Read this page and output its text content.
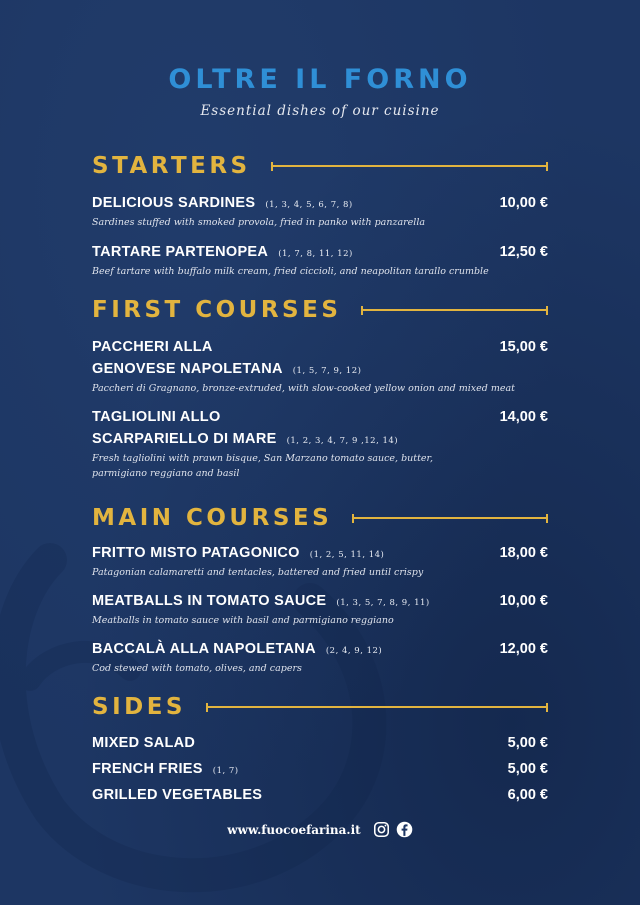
OLTRE IL FORNO
Essential dishes of our cuisine
STARTERS
DELICIOUS SARDINES (1, 3, 4, 5, 6, 7, 8)	10,00 €
Sardines stuffed with smoked provola, fried in panko with panzarella
TARTARE PARTENOPEA (1, 7, 8, 11, 12)	12,50 €
Beef tartare with buffalo milk cream, fried ciccioli, and neapolitan tarallo crumble
FIRST COURSES
PACCHERI ALLA	15,00 €
GENOVESE NAPOLETANA (1, 5, 7, 9, 12)
Paccheri di Gragnano, bronze-extruded, with slow-cooked yellow onion and mixed meat
TAGLIOLINI ALLO	14,00 €
SCARPARIELLO DI MARE (1, 2, 3, 4, 7, 9 ,12, 14)
Fresh tagliolini with prawn bisque, San Marzano tomato sauce, butter,
parmigiano reggiano and basil
MAIN COURSES
FRITTO MISTO PATAGONICO (1, 2, 5, 11, 14)	18,00 €
Patagonian calamaretti and tentacles, battered and fried until crispy
MEATBALLS IN TOMATO SAUCE (1, 3, 5, 7, 8, 9, 11)	10,00 €
Meatballs in tomato sauce with basil and parmigiano reggiano
BACCALÀ ALLA NAPOLETANA (2, 4, 9, 12)	12,00 €
Cod stewed with tomato, olives, and capers
SIDES
MIXED SALAD	5,00 €
FRENCH FRIES (1, 7)	5,00 €
GRILLED VEGETABLES	6,00 €
www.fuocoefarina.it
